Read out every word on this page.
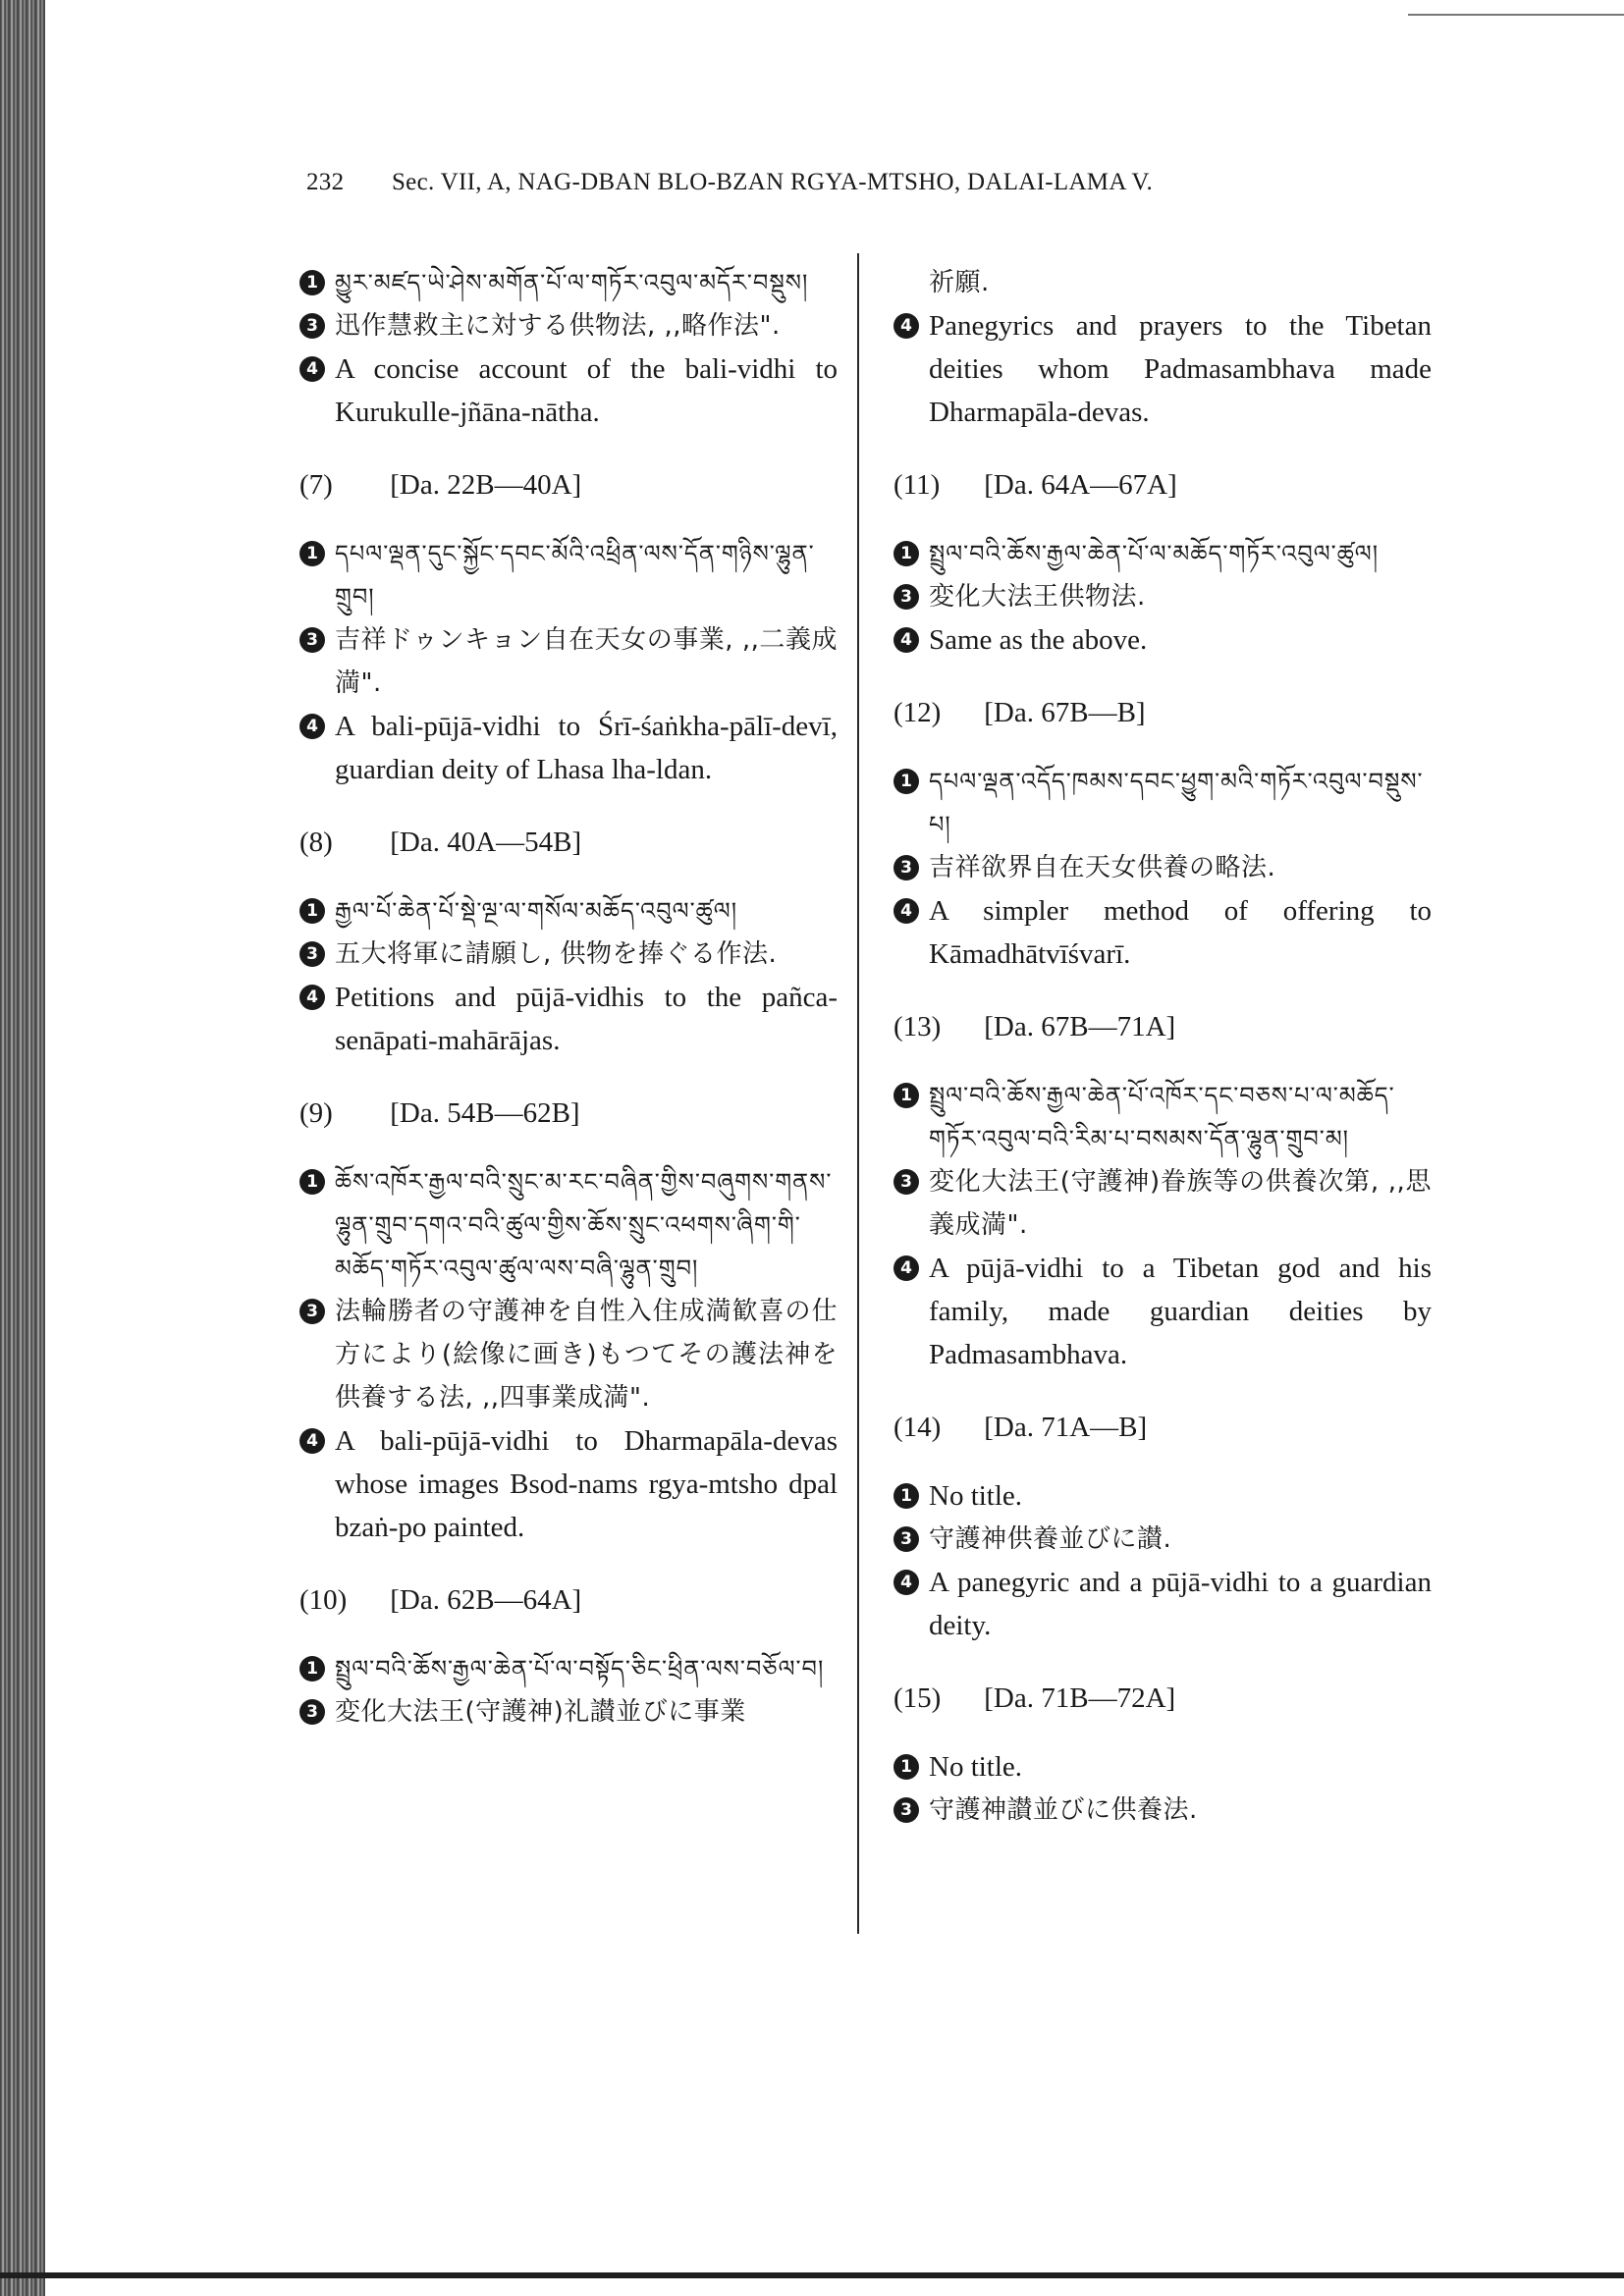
232 Sec. VII, A, NAG-DBAN BLO-BZAN RGYA-MTSHO, DALAI-LAMA V.
1 མྱུར་མཛད་ཡེ་ཤེས་མགོན་པོ་ལ་གཏོར་འབུལ་མདོར་བསྡུས།
3 迅作慧救主に対する供物法, ,,略作法".
4 A concise account of the bali-vidhi to Kurukulle-jñāna-nātha.
(7) [Da. 22B—40A]
1 དཔལ་ལྡན་དུང་སྐྱོང་དབང་མོའི་འཕྲིན་ལས་དོན་གཉིས་ལྷུན་གྲུབ།
3 吉祥ドゥンキョン自在天女の事業, ,,二義成満".
4 A bali-pūjā-vidhi to Śrī-śaṅkha-pālī-devī, guardian deity of Lhasa lha-ldan.
(8) [Da. 40A—54B]
1 རྒྱལ་པོ་ཆེན་པོ་སྡེ་ལྔ་ལ་གསོལ་མཆོད་འབུལ་ཚུལ།
3 五大将軍に請願し, 供物を捧ぐる作法.
4 Petitions and pūjā-vidhis to the pañca-senāpati-mahārājas.
(9) [Da. 54B—62B]
1 ཆོས་འཁོར་རྒྱལ་བའི་སྲུང་མ་རང་བཞིན་གྱིས་བཞུགས་གནས་ལྷུན་གྲུབ་དགའ་བའི་ཚུལ་གྱིས་ཆོས་སྲུང་འཕགས་ཞིག་གི་མཆོད་གཏོར་འབུལ་ཚུལ་ལས་བཞི་ལྷུན་གྲུབ།
3 法輪勝者の守護神を自性入住成満歓喜の仕方により(絵像に画き)もつてその護法神を供養する法, ,,四事業成満".
4 A bali-pūjā-vidhi to Dharmapāla-devas whose images Bsod-nams rgya-mtsho dpal bzaṅ-po painted.
(10) [Da. 62B—64A]
1 སྤྲུལ་བའི་ཆོས་རྒྱལ་ཆེན་པོ་ལ་བསྟོད་ཅིང་ཕྲིན་ལས་བཅོལ་བ།
3 変化大法王(守護神)礼讃並びに事業
祈願.
4 Panegyrics and prayers to the Tibetan deities whom Padmasambhava made Dharmapāla-devas.
(11) [Da. 64A—67A]
1 སྤྲུལ་བའི་ཆོས་རྒྱལ་ཆེན་པོ་ལ་མཆོད་གཏོར་འབུལ་ཚུལ།
3 変化大法王供物法.
4 Same as the above.
(12) [Da. 67B—B]
1 དཔལ་ལྡན་འདོད་ཁམས་དབང་ཕྱུག་མའི་གཏོར་འབུལ་བསྡུས་པ།
3 吉祥欲界自在天女供養の略法.
4 A simpler method of offering to Kāmadhātvīśvarī.
(13) [Da. 67B—71A]
1 སྤྲུལ་བའི་ཆོས་རྒྱལ་ཆེན་པོ་འཁོར་དང་བཅས་པ་ལ་མཆོད་གཏོར་འབུལ་བའི་རིམ་པ་བསམས་དོན་ལྷུན་གྲུབ་མ།
3 変化大法王(守護神)眷族等の供養次第, ,,思義成満".
4 A pūjā-vidhi to a Tibetan god and his family, made guardian deities by Padmasambhava.
(14) [Da. 71A—B]
1 No title.
3 守護神供養並びに讃.
4 A panegyric and a pūjā-vidhi to a guardian deity.
(15) [Da. 71B—72A]
1 No title.
3 守護神讃並びに供養法.
